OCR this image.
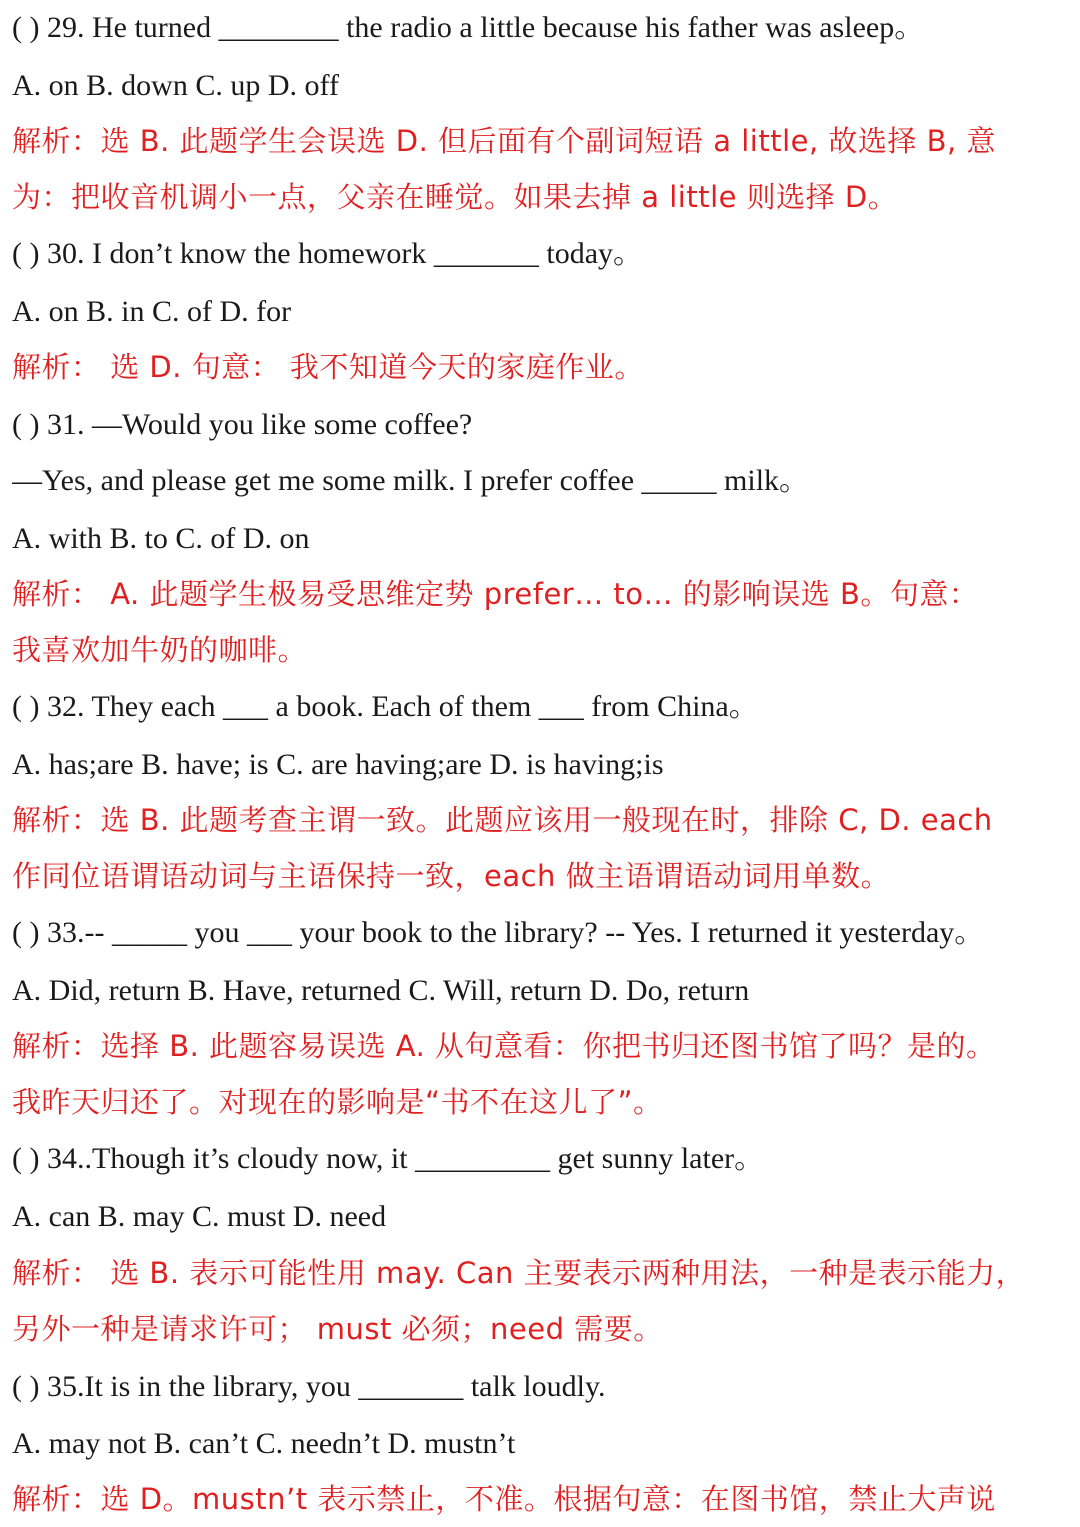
( ) 29. He turned ________ the radio a little because his father was asleep。
A. on B. down C. up D. off
解析：选 B. 此题学生会误选 D. 但后面有个副词短语 a little, 故选择 B, 意
为：把收音机调小一点，父亲在睡觉。如果去掉 a little 则选择 D。
( ) 30. I don’t know the homework _______ today。
A. on B. in C. of D. for
解析： 选 D. 句意： 我不知道今天的家庭作业。
( ) 31. —Would you like some coffee?
—Yes, and please get me some milk. I prefer coffee _____ milk。
A. with B. to C. of D. on
解析： A. 此题学生极易受思维定势 prefer… to… 的影响误选 B。句意：
我喜欢加牛奶的咖啡。
( ) 32. They each ___ a book. Each of them ___ from China。
A. has;are B. have; is C. are having;are D. is having;is
解析：选 B. 此题考查主谓一致。此题应该用一般现在时，排除 C, D. each
作同位语谓语动词与主语保持一致，each 做主语谓语动词用单数。
( ) 33.-- _____ you ___ your book to the library? -- Yes. I returned it yesterday。
A. Did, return B. Have, returned C. Will, return D. Do, return
解析：选择 B. 此题容易误选 A. 从句意看：你把书归还图书馆了吗？是的。
我昨天归还了。对现在的影响是“书不在这儿了”。
( ) 34..Though it’s cloudy now, it _________ get sunny later。
A. can B. may C. must D. need
解析： 选 B. 表示可能性用 may. Can 主要表示两种用法，一种是表示能力，
另外一种是请求许可； must 必须；need 需要。
( ) 35.It is in the library, you _______ talk loudly.
A. may not B. can’t C. needn’t D. mustn’t
解析：选 D。mustn’t 表示禁止，不准。根据句意：在图书馆，禁止大声说
